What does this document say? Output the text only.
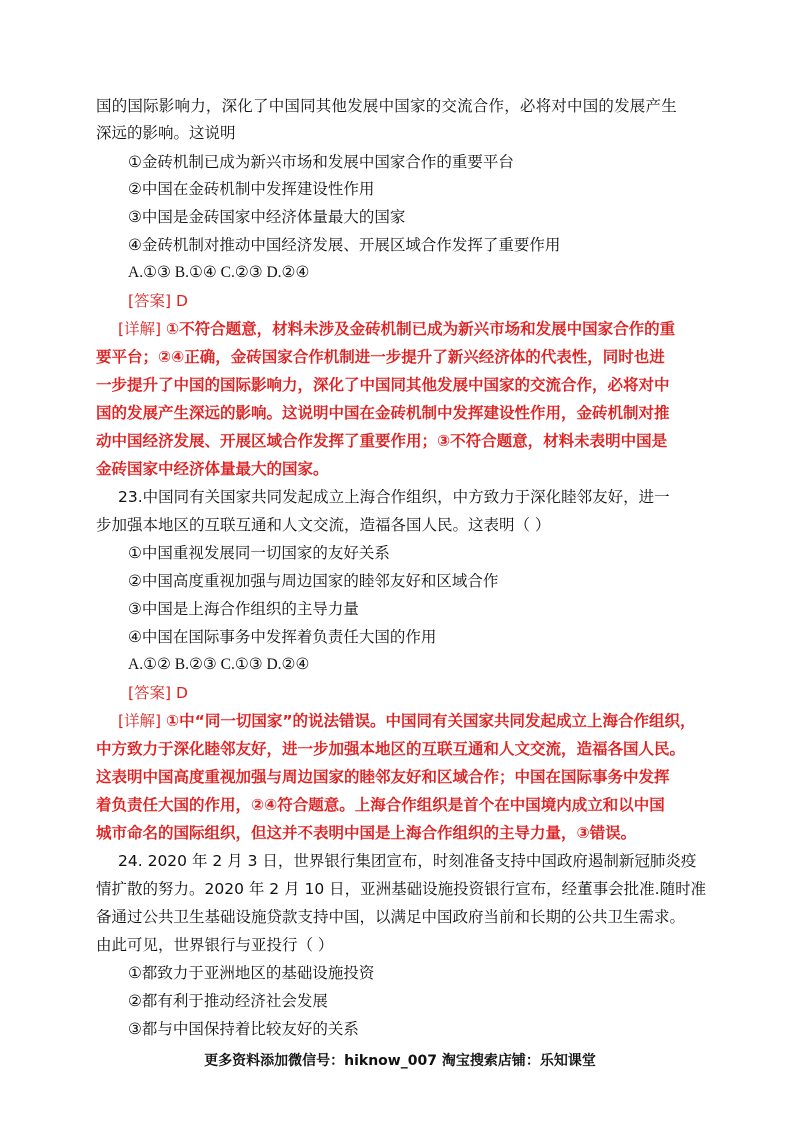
国的国际影响力，深化了中国同其他发展中国家的交流合作，必将对中国的发展产生
深远的影响。这说明
①金砖机制已成为新兴市场和发展中国家合作的重要平台
②中国在金砖机制中发挥建设性作用
③中国是金砖国家中经济体量最大的国家
④金砖机制对推动中国经济发展、开展区域合作发挥了重要作用
A.①③ B.①④ C.②③ D.②④
[答案] D
[详解] ①不符合题意，材料未涉及金砖机制已成为新兴市场和发展中国家合作的重
要平台；②④正确，金砖国家合作机制进一步提升了新兴经济体的代表性，同时也进
一步提升了中国的国际影响力，深化了中国同其他发展中国家的交流合作，必将对中
国的发展产生深远的影响。这说明中国在金砖机制中发挥建设性作用，金砖机制对推
动中国经济发展、开展区域合作发挥了重要作用；③不符合题意，材料未表明中国是
金砖国家中经济体量最大的国家。
23.中国同有关国家共同发起成立上海合作组织，中方致力于深化睦邻友好，进一
步加强本地区的互联互通和人文交流，造福各国人民。这表明（ ）
①中国重视发展同一切国家的友好关系
②中国高度重视加强与周边国家的睦邻友好和区域合作
③中国是上海合作组织的主导力量
④中国在国际事务中发挥着负责任大国的作用
A.①② B.②③ C.①③ D.②④
[答案] D
[详解] ①中“同一切国家”的说法错误。中国同有关国家共同发起成立上海合作组织，
中方致力于深化睦邻友好，进一步加强本地区的互联互通和人文交流，造福各国人民。
这表明中国高度重视加强与周边国家的睦邻友好和区域合作；中国在国际事务中发挥
着负责任大国的作用，②④符合题意。上海合作组织是首个在中国境内成立和以中国
城市命名的国际组织，但这并不表明中国是上海合作组织的主导力量，③错误。
24. 2020 年 2 月 3 日，世界银行集团宣布，时刻准备支持中国政府遏制新冠肺炎疫
情扩散的努力。2020 年 2 月 10 日，亚洲基础设施投资银行宣布，经董事会批准.随时准
备通过公共卫生基础设施贷款支持中国，以满足中国政府当前和长期的公共卫生需求。
由此可见，世界银行与亚投行（ ）
①都致力于亚洲地区的基础设施投资
②都有利于推动经济社会发展
③都与中国保持着比较友好的关系
更多资料添加微信号：hiknow_007 淘宝搜索店铺：乐知课堂
